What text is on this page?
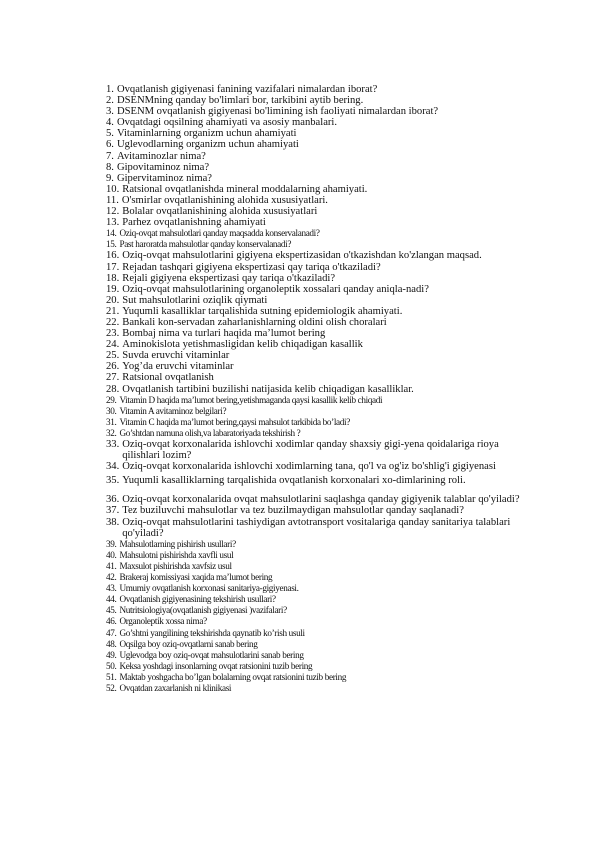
1. Ovqatlanish gigiyenasi fanining vazifalari nimalardan iborat?
2. DSENMning qanday bo'limlari bor, tarkibini aytib bering.
3. DSENM ovqatlanish gigiyenasi bo'limining ish faoliyati nimalardan iborat?
4. Ovqatdagi oqsilning ahamiyati va asosiy manbalari.
5. Vitaminlarning organizm uchun ahamiyati
6. Uglevodlarning organizm uchun ahamiyati
7. Avitaminozlar nima?
8. Gipovitaminoz nima?
9. Gipervitaminoz nima?
10. Ratsional ovqatlanishda mineral moddalarning ahamiyati.
11. O'smirlar ovqatlanishining alohida xususiyatlari.
12. Bolalar ovqatlanishining alohida xususiyatlari
13. Parhez ovqatlanishning ahamiyati
14. Oziq-ovqat mahsulotlari qanday maqsadda konservalanadi?
15. Past haroratda mahsulotlar qanday konservalanadi?
16. Oziq-ovqat mahsulotlarini gigiyena ekspertizasidan o'tkazishdan ko'zlangan maqsad.
17. Rejadan tashqari gigiyena ekspertizasi qay tariqa o'tkaziladi?
18. Rejali gigiyena ekspertizasi qay tariqa o'tkaziladi?
19. Oziq-ovqat mahsulotlarining organoleptik xossalari qanday aniqla-nadi?
20. Sut mahsulotlarini oziqlik qiymati
21. Yuqumli kasalliklar tarqalishida sutning epidemiologik ahamiyati.
22. Bankali kon-servadan zaharlanishlarning oldini olish choralari
23. Bombaj nima va turlari haqida ma’lumot bering
24. Aminokislota yetishmasligidan kelib chiqadigan kasallik
25. Suvda eruvchi vitaminlar
26. Yog’da eruvchi vitaminlar
27. Ratsional ovqatlanish
28. Ovqatlanish tartibini buzilishi natijasida kelib chiqadigan kasalliklar.
29. Vitamin D haqida ma’lumot bering,yetishmaganda qaysi kasallik kelib chiqadi
30. Vitamin A avitaminoz belgilari?
31. Vitamin C haqida ma’lumot bering,qaysi mahsulot tarkibida bo’ladi?
32. Go’shtdan namuna olish,va labaratoriyada tekshirish ?
33. Oziq-ovqat korxonalarida ishlovchi xodimlar qanday shaxsiy gigi-yena qoidalariga rioya qilishlari lozim?
34. Oziq-ovqat korxonalarida ishlovchi xodimlarning tana, qo'l va og'iz bo'shlig'i gigiyenasi
35. Yuqumli kasalliklarning tarqalishida ovqatlanish korxonalari xo-dimlarining roli.
36. Oziq-ovqat korxonalarida ovqat mahsulotlarini saqlashga qanday gigiyenik talablar qo'yiladi?
37. Tez buziluvchi mahsulotlar va tez buzilmaydigan mahsulotlar qanday saqlanadi?
38. Oziq-ovqat mahsulotlarini tashiydigan avtotransport vositalariga qanday sanitariya talablari qo'yiladi?
39. Mahsulotlarning pishirish usullari?
40. Mahsulotni pishirishda xavfli usul
41. Maxsulot pishirishda xavfsiz usul
42. Brakeraj komissiyasi xaqida ma’lumot bering
43. Umumiy ovqatlanish korxonasi sanitariya-gigiyenasi.
44. Ovqatlanish gigiyenasining tekshirish usullari?
45. Nutritsiologiya(ovqatlanish gigiyenasi )vazifalari?
46. Organoleptik xossa nima?
47. Go’shtni yangilining tekshirishda qaynatib ko’rish usuli
48. Oqsilga boy oziq-ovqatlarni sanab bering
49. Uglevodga boy oziq-ovqat mahsulotlarini sanab bering
50. Keksa yoshdagi insonlarning ovqat ratsionini tuzib bering
51. Maktab yoshgacha bo’lgan bolalarning ovqat ratsionini tuzib bering
52. Ovqatdan zaxarlanish ni klinikasi
